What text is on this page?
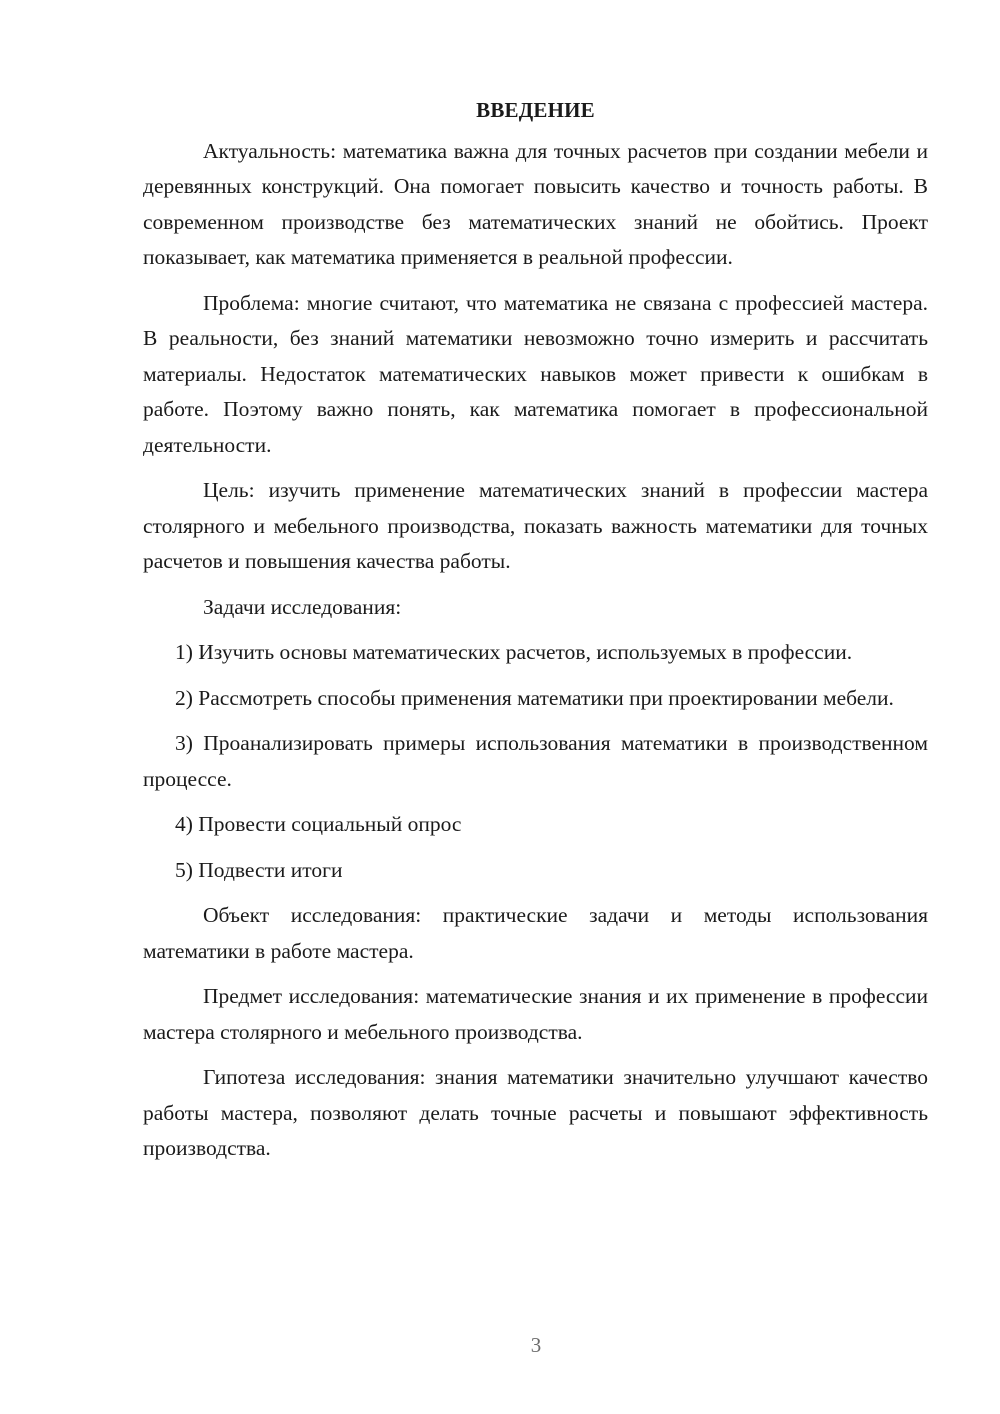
ВВЕДЕНИЕ

Актуальность: математика важна для точных расчетов при создании мебели и деревянных конструкций. Она помогает повысить качество и точность работы. В современном производстве без математических знаний не обойтись. Проект показывает, как математика применяется в реальной профессии.

Проблема: многие считают, что математика не связана с профессией мастера. В реальности, без знаний математики невозможно точно измерить и рассчитать материалы. Недостаток математических навыков может привести к ошибкам в работе. Поэтому важно понять, как математика помогает в профессиональной деятельности.

Цель: изучить применение математических знаний в профессии мастера столярного и мебельного производства, показать важность математики для точных расчетов и повышения качества работы.

Задачи исследования:

1) Изучить основы математических расчетов, используемых в профессии.

2) Рассмотреть способы применения математики при проектировании мебели.

3) Проанализировать примеры использования математики в производственном процессе.

4) Провести социальный опрос

5) Подвести итоги

Объект исследования: практические задачи и методы использования математики в работе мастера.

Предмет исследования: математические знания и их применение в профессии мастера столярного и мебельного производства.

Гипотеза исследования: знания математики значительно улучшают качество работы мастера, позволяют делать точные расчеты и повышают эффективность производства.

3
